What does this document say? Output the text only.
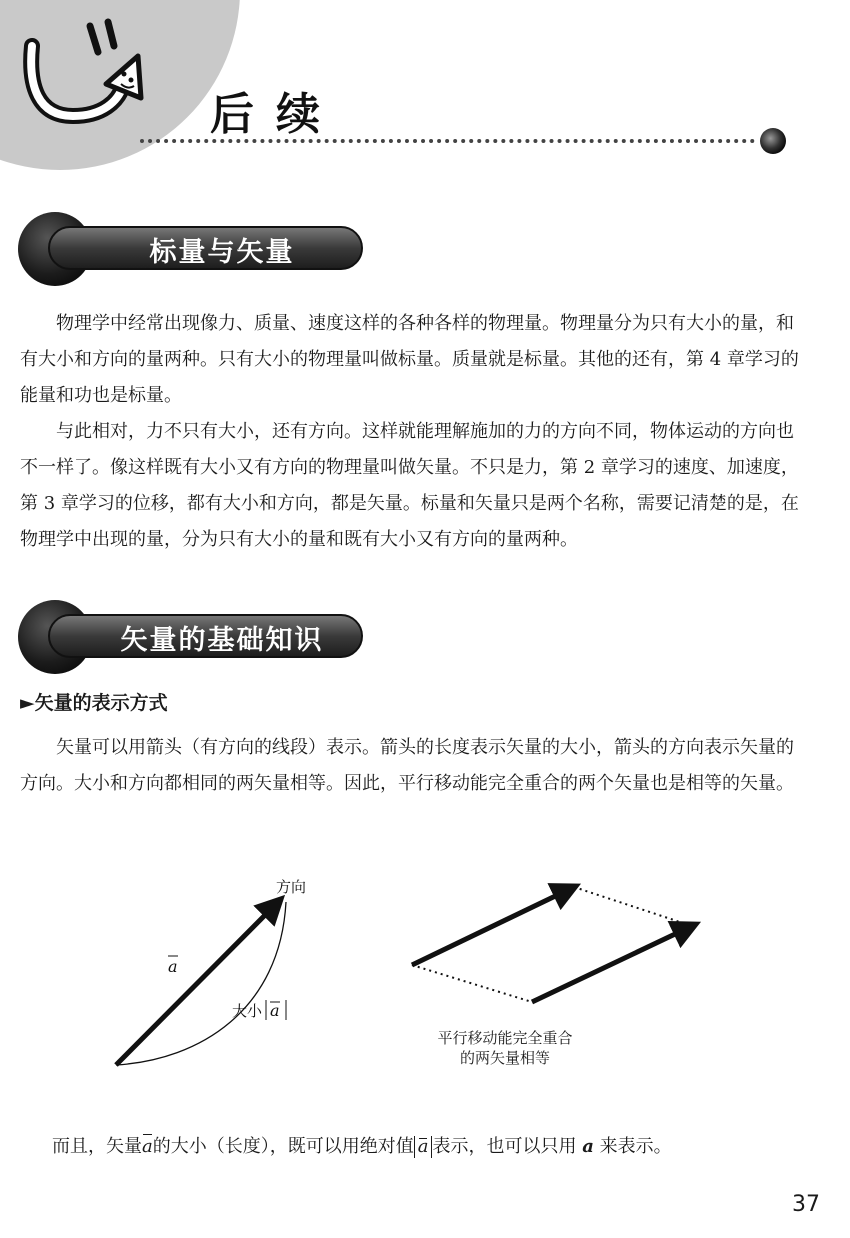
后续
标量与矢量

物理学中经常出现像力、质量、速度这样的各种各样的物理量。物理量分为只有大小的量，和有大小和方向的量两种。只有大小的物理量叫做标量。质量就是标量。其他的还有，第 4 章学习的能量和功也是标量。

与此相对，力不只有大小，还有方向。这样就能理解施加的力的方向不同，物体运动的方向也不一样了。像这样既有大小又有方向的物理量叫做矢量。不只是力，第 2 章学习的速度、加速度，第 3 章学习的位移，都有大小和方向，都是矢量。标量和矢量只是两个名称，需要记清楚的是，在物理学中出现的量，分为只有大小的量和既有大小又有方向的量两种。

矢量的基础知识
►矢量的表示方式

矢量可以用箭头（有方向的线段）表示。箭头的长度表示矢量的大小，箭头的方向表示矢量的方向。大小和方向都相同的两矢量相等。因此，平行移动能完全重合的两个矢量也是相等的矢量。

方向
a
大小 a
平行移动能完全重合
的两矢量相等
而且，矢量a的大小（长度），既可以用绝对值 a 表示，也可以只用 a 来表示。
37
